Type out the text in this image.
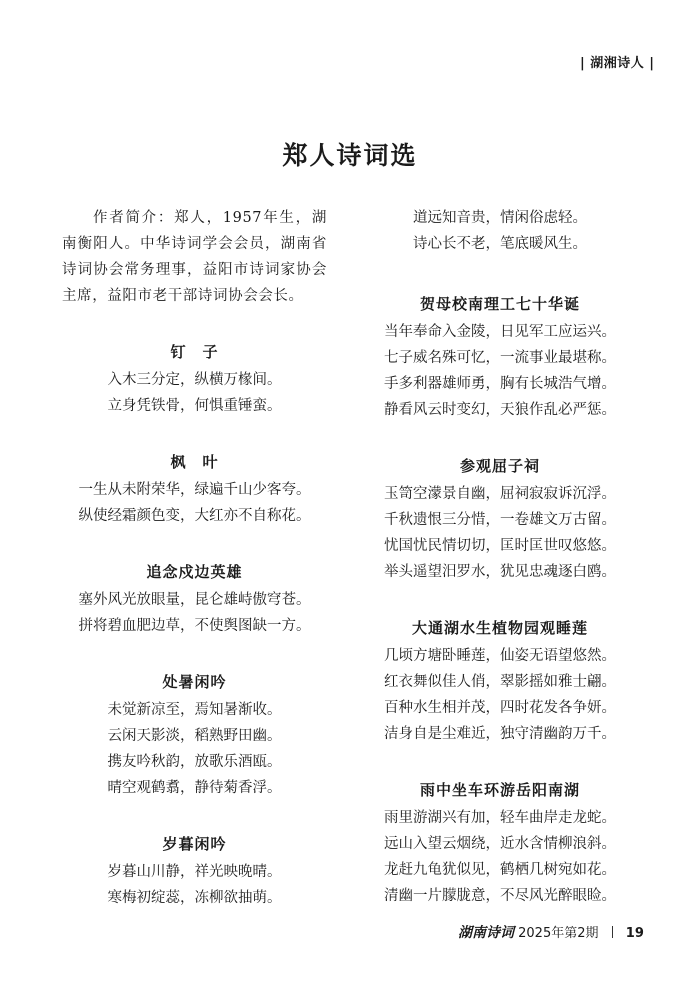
| 湖湘诗人 |
郑人诗词选

作者简介：郑人，1957年生，湖南衡阳人。中华诗词学会会员，湖南省诗词协会常务理事，益阳市诗词家协会主席，益阳市老干部诗词协会会长。

钉　子

入木三分定，纵横万椽间。

立身凭铁骨，何惧重锤蛮。

枫　叶

一生从未附荣华，绿遍千山少客夸。

纵使经霜颜色变，大红亦不自称花。

追念戍边英雄

塞外风光放眼量，昆仑雄峙傲穹苍。

拼将碧血肥边草，不使舆图缺一方。

处暑闲吟

未觉新凉至，焉知暑渐收。

云闲天影淡，稻熟野田幽。

携友吟秋韵，放歌乐酒瓯。

晴空观鹤翥，静待菊香浮。

岁暮闲吟

岁暮山川静，祥光映晚晴。

寒梅初绽蕊，冻柳欲抽萌。

道远知音贵，情闲俗虑轻。

诗心长不老，笔底暖风生。

贺母校南理工七十华诞

当年奉命入金陵，日见军工应运兴。

七子威名殊可忆，一流事业最堪称。

手多利器雄师勇，胸有长城浩气增。

静看风云时变幻，天狼作乱必严惩。

参观屈子祠

玉笥空濛景自幽，屈祠寂寂诉沉浮。

千秋遗恨三分惜，一卷雄文万古留。

忧国忧民情切切，匡时匡世叹悠悠。

举头遥望汨罗水，犹见忠魂逐白鸥。

大通湖水生植物园观睡莲

几顷方塘卧睡莲，仙姿无语望悠然。

红衣舞似佳人俏，翠影摇如雅士翩。

百种水生相并茂，四时花发各争妍。

洁身自是尘难近，独守清幽韵万千。

雨中坐车环游岳阳南湖

雨里游湖兴有加，轻车曲岸走龙蛇。

远山入望云烟绕，近水含情柳浪斜。

龙赶九龟犹似见，鹤栖几树宛如花。

清幽一片朦胧意，不尽风光醉眼睑。

湖南诗词 2025年第2期 19
